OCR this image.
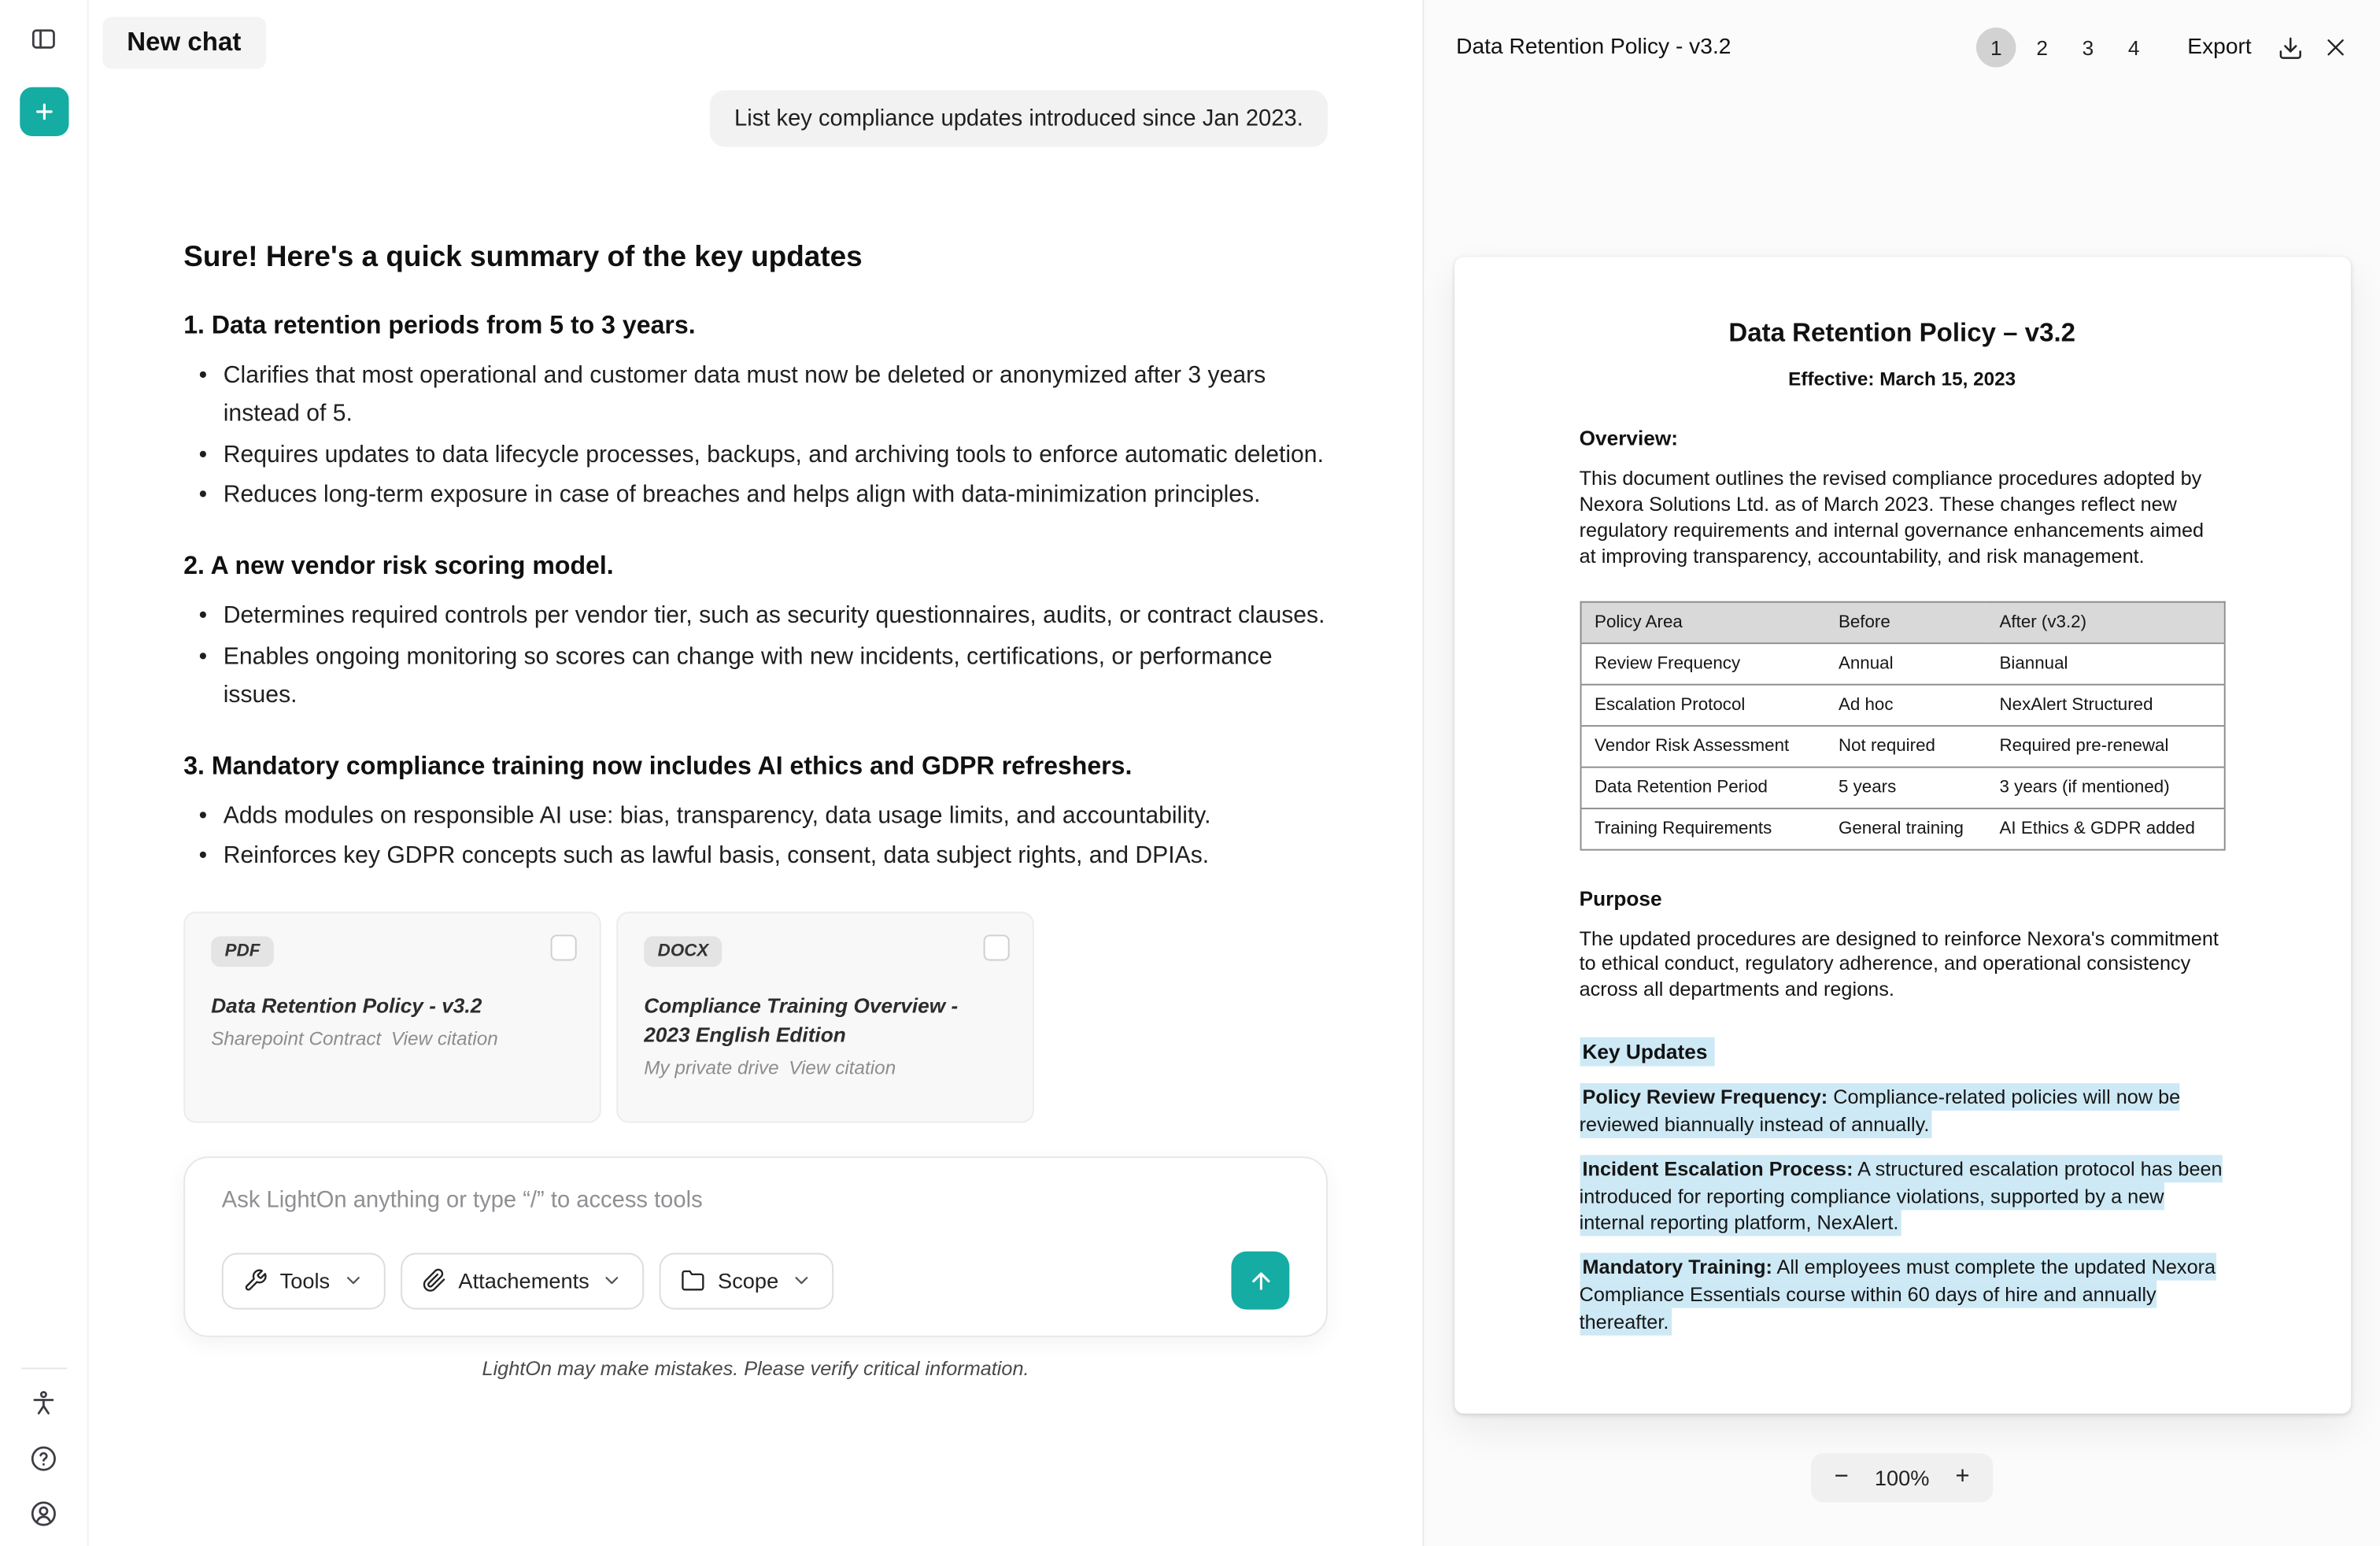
New chat
List key compliance updates introduced since Jan 2023.
Sure! Here's a quick summary of the key updates
1. Data retention periods from 5 to 3 years.
• Clarifies that most operational and customer data must now be deleted or anonymized after 3 years instead of 5.
• Requires updates to data lifecycle processes, backups, and archiving tools to enforce automatic deletion.
• Reduces long-term exposure in case of breaches and helps align with data-minimization principles.
2. A new vendor risk scoring model.
• Determines required controls per vendor tier, such as security questionnaires, audits, or contract clauses.
• Enables ongoing monitoring so scores can change with new incidents, certifications, or performance issues.
3. Mandatory compliance training now includes AI ethics and GDPR refreshers.
• Adds modules on responsible AI use: bias, transparency, data usage limits, and accountability.
• Reinforces key GDPR concepts such as lawful basis, consent, data subject rights, and DPIAs.
PDF
Data Retention Policy - v3.2
Sharepoint Contract View citation
DOCX
Compliance Training Overview - 2023 English Edition
My private drive View citation
Ask LightOn anything or type “/” to access tools
Tools	Attachements	Scope
LightOn may make mistakes. Please verify critical information.
Data Retention Policy - v3.2	1	2	3	4	Export
Data Retention Policy – v3.2
Effective: March 15, 2023
Overview:

This document outlines the revised compliance procedures adopted by Nexora Solutions Ltd. as of March 2023. These changes reflect new regulatory requirements and internal governance enhancements aimed at improving transparency, accountability, and risk management.

Policy Area	Before	After (v3.2)
Review Frequency	Annual	Biannual
Escalation Protocol	Ad hoc	NexAlert Structured
Vendor Risk Assessment	Not required	Required pre-renewal
Data Retention Period	5 years	3 years (if mentioned)
Training Requirements	General training	AI Ethics & GDPR added
Purpose

The updated procedures are designed to reinforce Nexora's commitment to ethical conduct, regulatory adherence, and operational consistency across all departments and regions.

Key Updates

Policy Review Frequency: Compliance-related policies will now be reviewed biannually instead of annually.

Incident Escalation Process: A structured escalation protocol has been introduced for reporting compliance violations, supported by a new internal reporting platform, NexAlert.

Mandatory Training: All employees must complete the updated Nexora Compliance Essentials course within 60 days of hire and annually thereafter.

− 100% +
